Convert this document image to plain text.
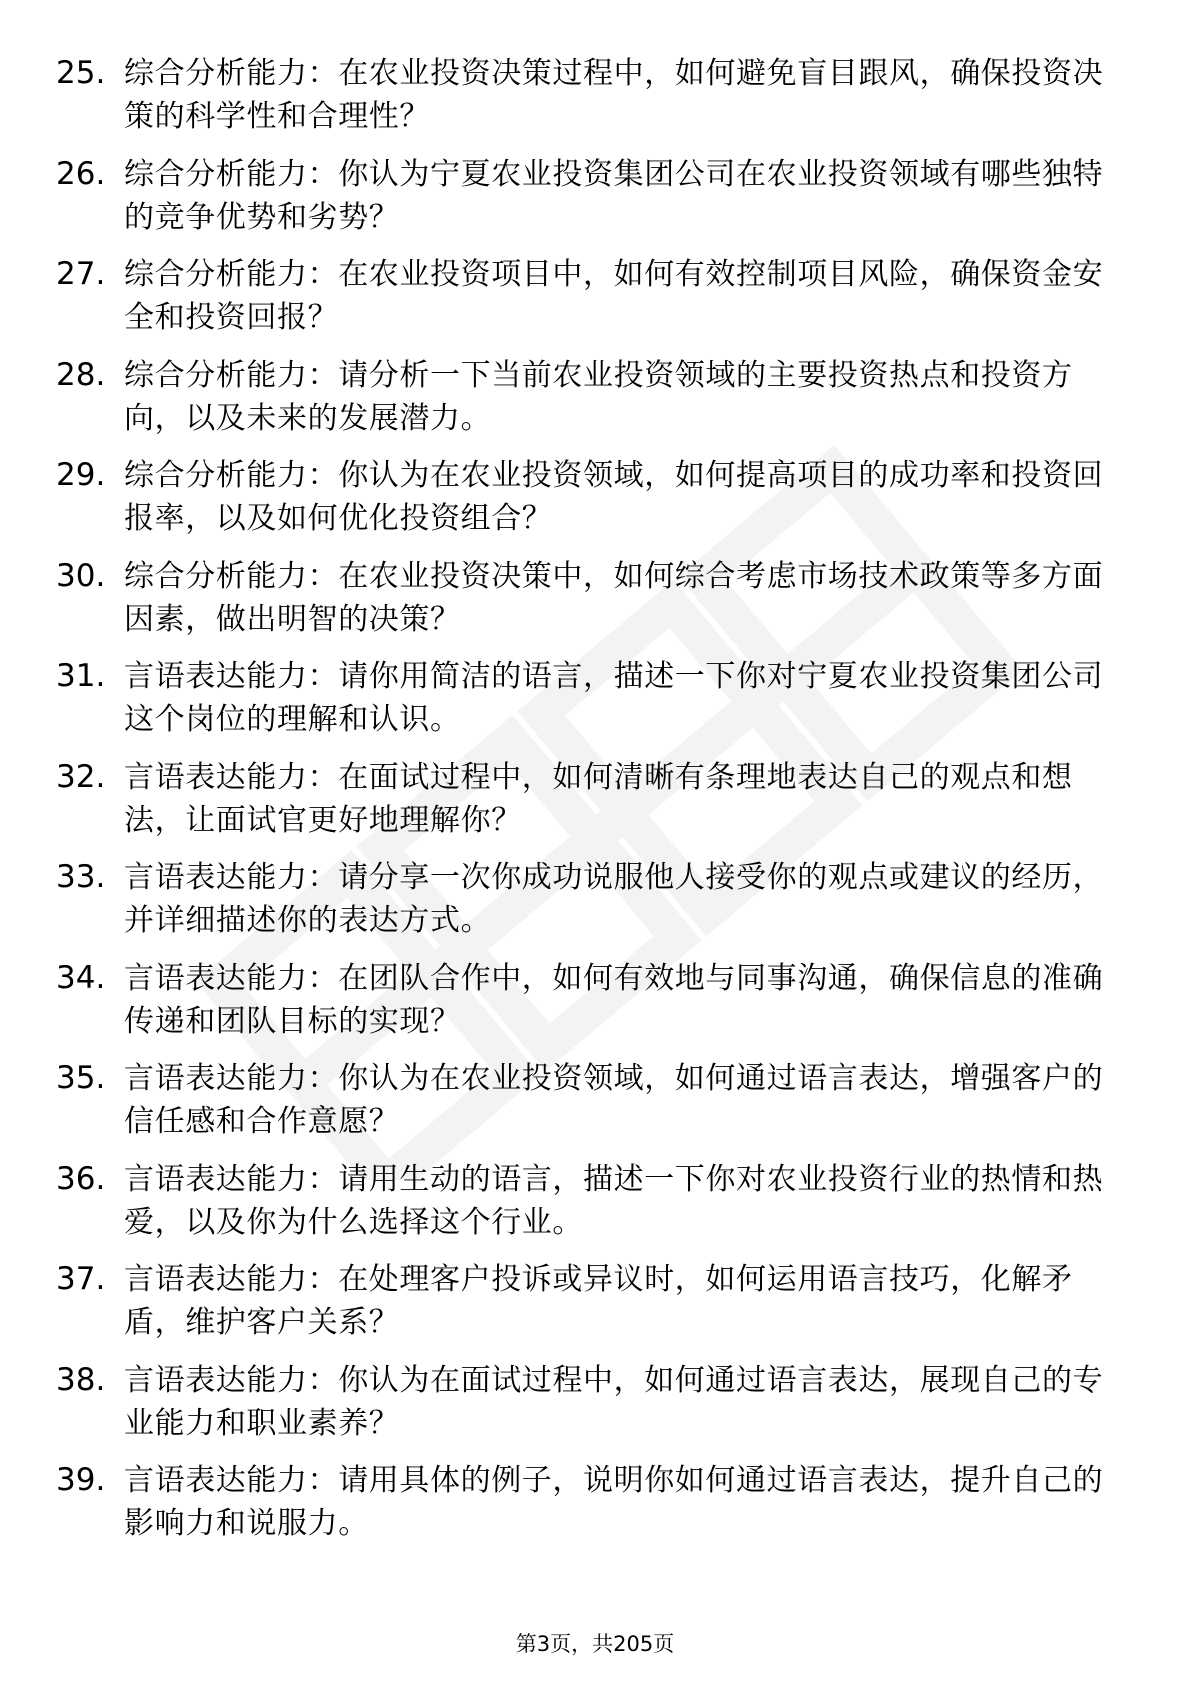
25. 综合分析能力：在农业投资决策过程中，如何避免盲目跟风，确保投资决策的科学性和合理性？
26. 综合分析能力：你认为宁夏农业投资集团公司在农业投资领域有哪些独特的竞争优势和劣势？
27. 综合分析能力：在农业投资项目中，如何有效控制项目风险，确保资金安全和投资回报？
28. 综合分析能力：请分析一下当前农业投资领域的主要投资热点和投资方向，以及未来的发展潜力。
29. 综合分析能力：你认为在农业投资领域，如何提高项目的成功率和投资回报率，以及如何优化投资组合？
30. 综合分析能力：在农业投资决策中，如何综合考虑市场技术政策等多方面因素，做出明智的决策？
31. 言语表达能力：请你用简洁的语言，描述一下你对宁夏农业投资集团公司这个岗位的理解和认识。
32. 言语表达能力：在面试过程中，如何清晰有条理地表达自己的观点和想法，让面试官更好地理解你？
33. 言语表达能力：请分享一次你成功说服他人接受你的观点或建议的经历，并详细描述你的表达方式。
34. 言语表达能力：在团队合作中，如何有效地与同事沟通，确保信息的准确传递和团队目标的实现？
35. 言语表达能力：你认为在农业投资领域，如何通过语言表达，增强客户的信任感和合作意愿？
36. 言语表达能力：请用生动的语言，描述一下你对农业投资行业的热情和热爱，以及你为什么选择这个行业。
37. 言语表达能力：在处理客户投诉或异议时，如何运用语言技巧，化解矛盾，维护客户关系？
38. 言语表达能力：你认为在面试过程中，如何通过语言表达，展现自己的专业能力和职业素养？
39. 言语表达能力：请用具体的例子，说明你如何通过语言表达，提升自己的影响力和说服力。
第3页，共205页
